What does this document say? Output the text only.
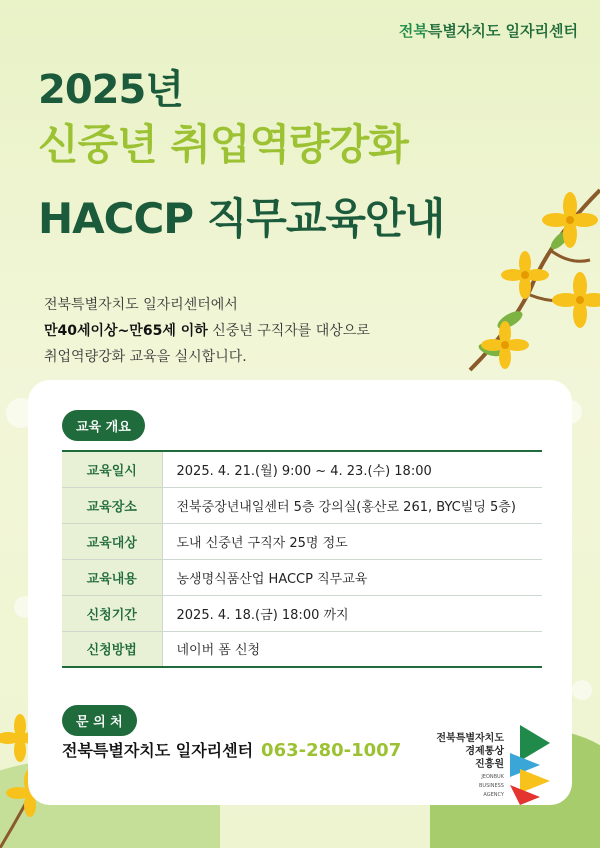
전북 특별자치도 일자리센터
2025년
신중년 취업역량강화
HACCP 직무교육안내
전북특별자치도 일자리센터에서
만40세이상~만65세 이하 신중년 구직자를 대상으로
취업역량강화 교육을 실시합니다.
교육 개요
교육일시	2025. 4. 21.(월) 9:00 ~ 4. 23.(수) 18:00
교육장소	전북중장년내일센터 5층 강의실(홍산로 261, BYC빌딩 5층)
교육대상	도내 신중년 구직자 25명 정도
교육내용	농생명식품산업 HACCP 직무교육
신청기간	2025. 4. 18.(금) 18:00 까지
신청방법	네이버 폼 신청
문 의 처
전북특별자치도 일자리센터 063-280-1007
전북특별자치도
경제통상
진흥원
JEONBUK
BUSINESS
AGENCY
